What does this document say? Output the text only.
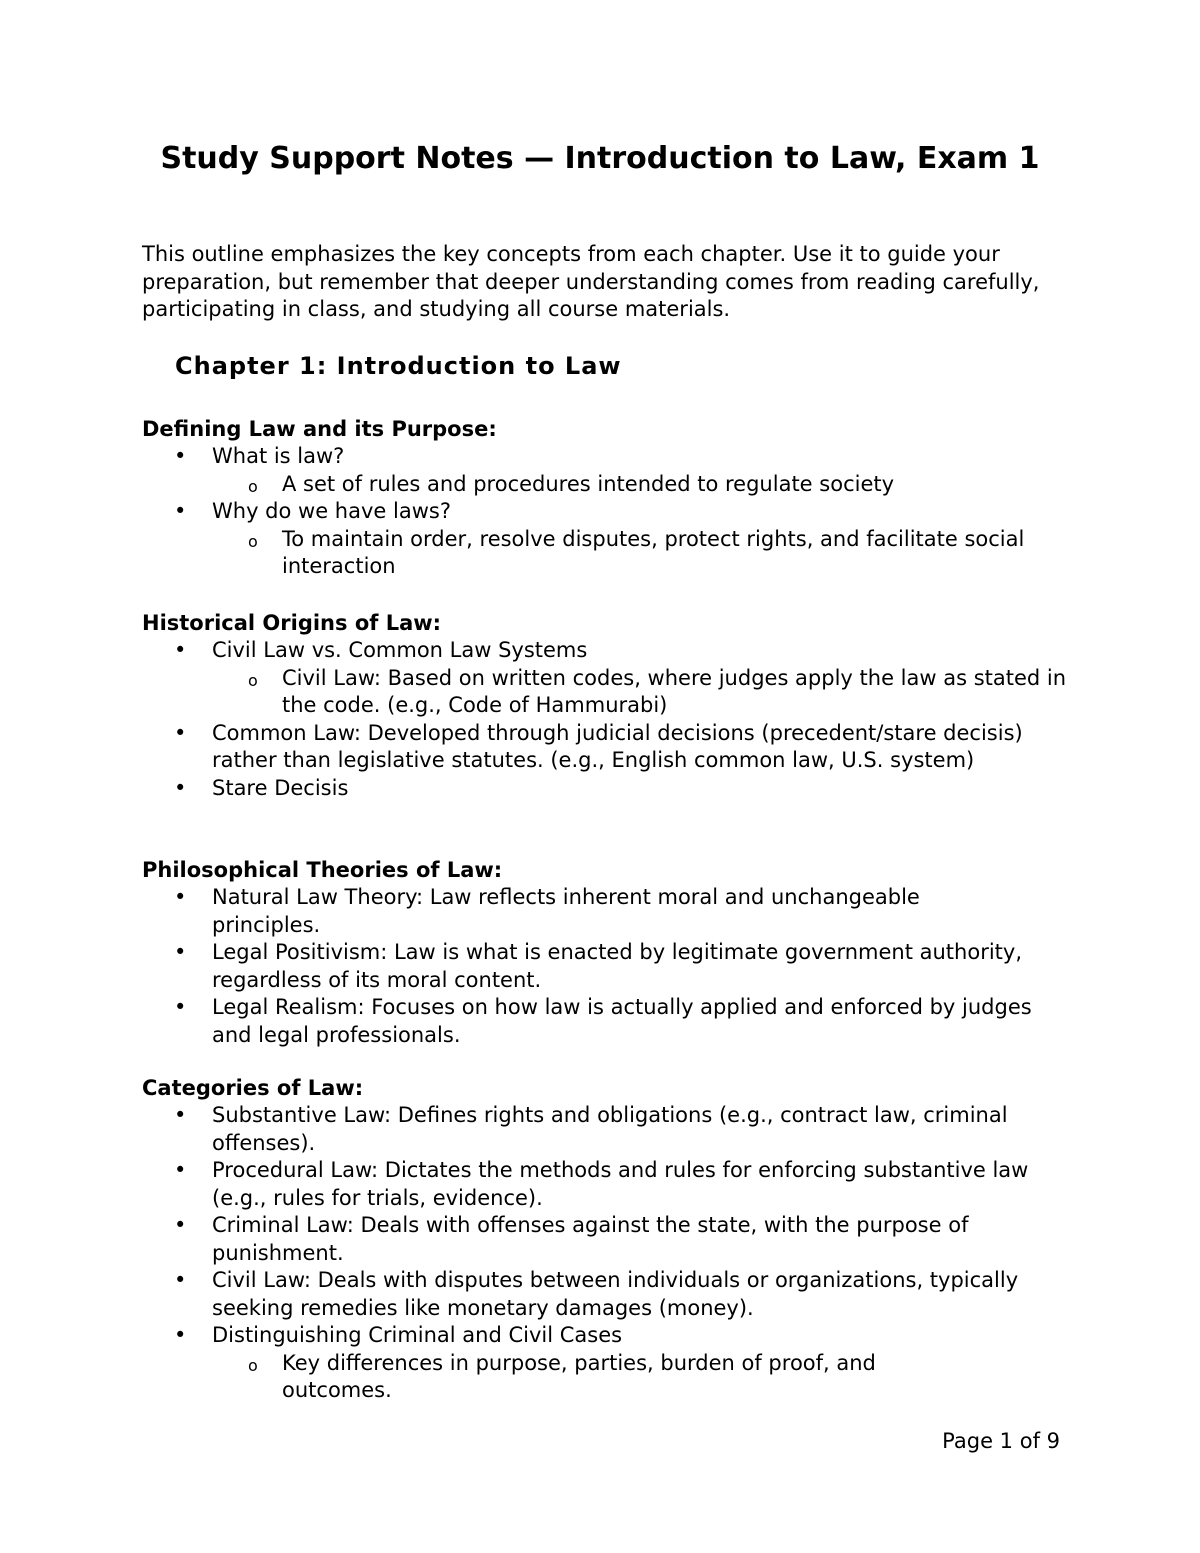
Study Support Notes — Introduction to Law, Exam 1

This outline emphasizes the key concepts from each chapter. Use it to guide your preparation, but remember that deeper understanding comes from reading carefully, participating in class, and studying all course materials.

Chapter 1: Introduction to Law
Defining Law and its Purpose:
• What is law?
o A set of rules and procedures intended to regulate society
• Why do we have laws?
o To maintain order, resolve disputes, protect rights, and facilitate social interaction
Historical Origins of Law:
• Civil Law vs. Common Law Systems
o Civil Law: Based on written codes, where judges apply the law as stated in the code. (e.g., Code of Hammurabi)
• Common Law: Developed through judicial decisions (precedent/stare decisis) rather than legislative statutes. (e.g., English common law, U.S. system)
• Stare Decisis
Philosophical Theories of Law:
• Natural Law Theory: Law reflects inherent moral and unchangeable principles.
• Legal Positivism: Law is what is enacted by legitimate government authority, regardless of its moral content.
• Legal Realism: Focuses on how law is actually applied and enforced by judges and legal professionals.
Categories of Law:
• Substantive Law: Defines rights and obligations (e.g., contract law, criminal offenses).
• Procedural Law: Dictates the methods and rules for enforcing substantive law (e.g., rules for trials, evidence).
• Criminal Law: Deals with offenses against the state, with the purpose of punishment.
• Civil Law: Deals with disputes between individuals or organizations, typically seeking remedies like monetary damages (money).
• Distinguishing Criminal and Civil Cases
o Key differences in purpose, parties, burden of proof, and outcomes.

Page 1 of 9
